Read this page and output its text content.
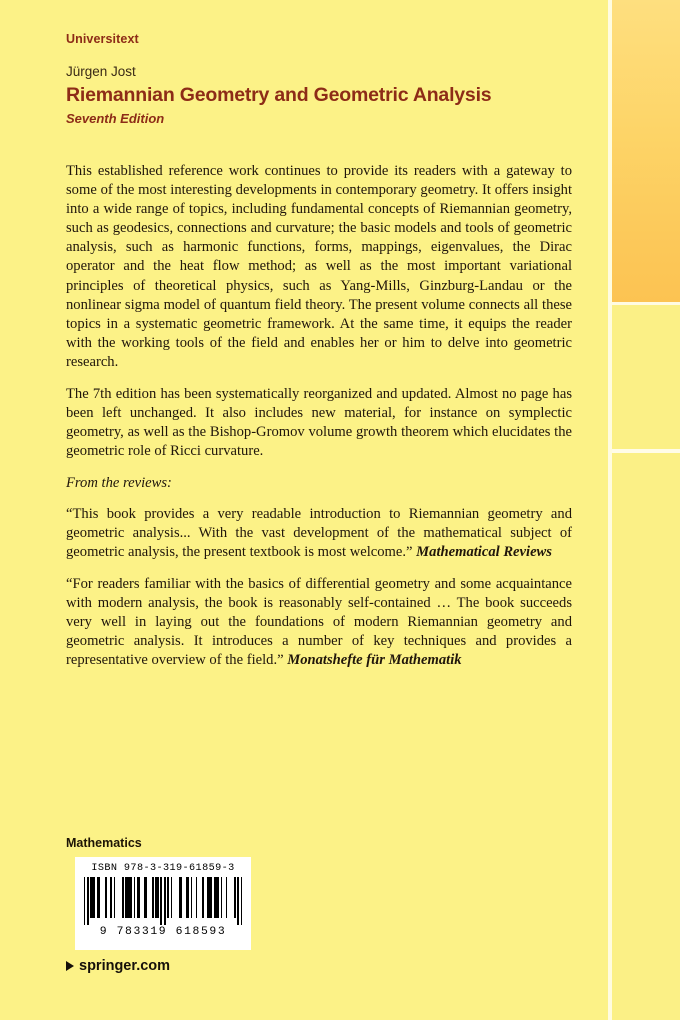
Universitext
Jürgen Jost
Riemannian Geometry and Geometric Analysis
Seventh Edition

This established reference work continues to provide its readers with a gateway to some of the most interesting developments in contemporary geometry. It offers insight into a wide range of topics, including fundamental concepts of Riemannian geometry, such as geodesics, connections and curvature; the basic models and tools of geometric analysis, such as harmonic functions, forms, mappings, eigenvalues, the Dirac operator and the heat flow method; as well as the most important variational principles of theoretical physics, such as Yang-Mills, Ginzburg-Landau or the nonlinear sigma model of quantum field theory. The present volume connects all these topics in a systematic geometric framework. At the same time, it equips the reader with the working tools of the field and enables her or him to delve into geometric research.

The 7th edition has been systematically reorganized and updated. Almost no page has been left unchanged. It also includes new material, for instance on symplectic geometry, as well as the Bishop-Gromov volume growth theorem which elucidates the geometric role of Ricci curvature.

From the reviews:

“This book provides a very readable introduction to Riemannian geometry and geometric analysis... With the vast development of the mathematical subject of geometric analysis, the present textbook is most welcome.” Mathematical Reviews

“For readers familiar with the basics of differential geometry and some acquaintance with modern analysis, the book is reasonably self-contained … The book succeeds very well in laying out the foundations of modern Riemannian geometry and geometric analysis. It introduces a number of key techniques and provides a representative overview of the field.” Monatshefte für Mathematik

Mathematics
ISBN 978-3-319-61859-3
9 783319 618593
springer.com
